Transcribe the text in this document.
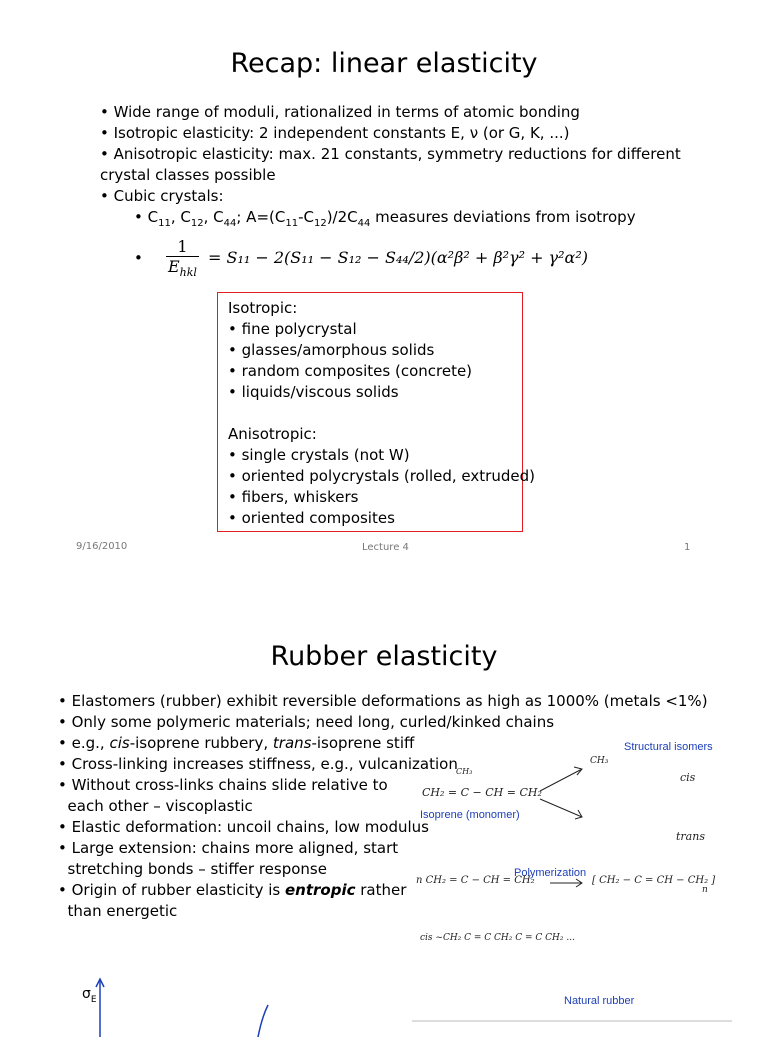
Recap: linear elasticity
• Wide range of moduli, rationalized in terms of atomic bonding
• Isotropic elasticity: 2 independent constants E, ν (or G, K, ...)
• Anisotropic elasticity: max. 21 constants, symmetry reductions for different
crystal classes possible
• Cubic crystals:
• $C_{11}$, $C_{12}$, $C_{44}$; $A=(C_{11}-C_{12})/2C_{44}$ measures deviations from isotropy
• $\frac{1}{E_{hkl}} = S_{11} - 2(S_{11} - S_{12} - S_{44}/2)(\alpha^2\beta^2 + \beta^2\gamma^2 + \gamma^2\alpha^2)$
Isotropic:
• fine polycrystal
• glasses/amorphous solids
• random composites (concrete)
• liquids/viscous solids
Anisotropic:
• single crystals (not W)
• oriented polycrystals (rolled, extruded)
• fibers, whiskers
• oriented composites
9/16/2010	Lecture 4	1
Rubber elasticity
• Elastomers (rubber) exhibit reversible deformations as high as 1000% (metals <1%)
• Only some polymeric materials; need long, curled/kinked chains
• e.g., cis-isoprene rubbery, trans-isoprene stiff
• Cross-linking increases stiffness, e.g., vulcanization
• Without cross-links chains slide relative to
each other – viscoplastic
• Elastic deformation: uncoil chains, low modulus
• Large extension: chains more aligned, start
stretching bonds – stiffer response
• Origin of rubber elasticity is entropic rather
than energetic
Structural isomers
Isoprene (monomer)
Polymerization
Natural rubber
CH₂ = C − CH = CH₂
CH₃
CH₃
cis
trans
n CH₂ = C − CH = CH₂	[ CH₂ − C = CH − CH₂ ]
n
cis ~CH₂ C = C CH₂ C = C CH₂ ...
$\sigma_E$
